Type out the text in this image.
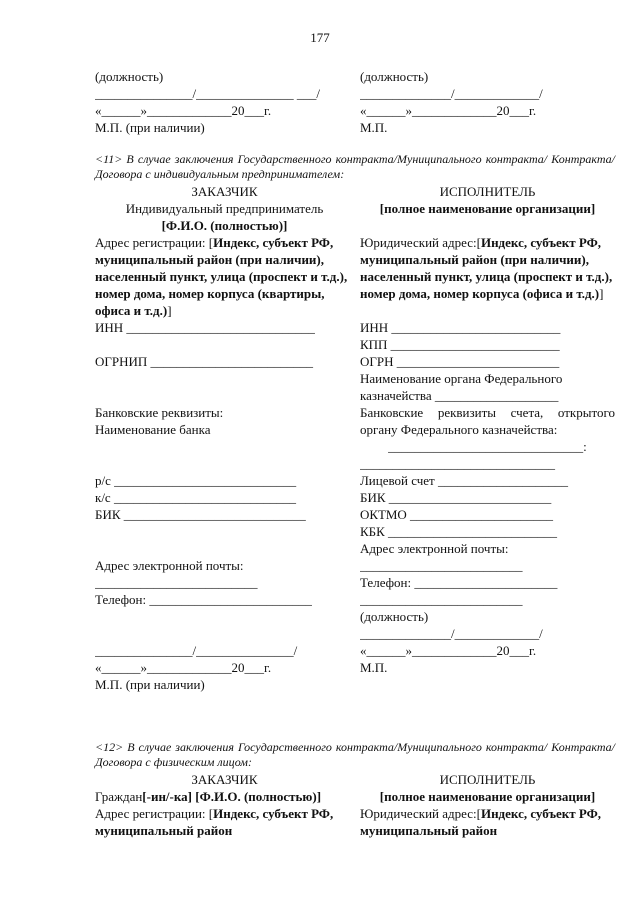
177
(должность)
_______________/_______________ ___/
«______»_____________20___г.
М.П. (при наличии)
(должность)
______________/_____________/
«______»_____________20___г.
М.П.
<11> В случае заключения Государственного контракта/Муниципального контракта/ Контракта/Договора с индивидуальным предпринимателем:
ЗАКАЗЧИК
Индивидуальный предприниматель
[Ф.И.О. (полностью)]
Адрес регистрации: [Индекс, субъект РФ, муниципальный район (при наличии), населенный пункт, улица (проспект и т.д.), номер дома, номер корпуса (квартиры, офиса и т.д.)]
ИНН _____________________________

ОГРНИП _________________________

Банковские реквизиты:
Наименование банка

р/с ____________________________
к/с ____________________________
БИК ____________________________

Адрес электронной почты:
_________________________
Телефон: _________________________

_______________/_______________/
«______»_____________20___г.
М.П. (при наличии)
ИСПОЛНИТЕЛЬ
[полное наименование организации]

Юридический адрес:[Индекс, субъект РФ, муниципальный район (при наличии), населенный пункт, улица (проспект и т.д.), номер дома, номер корпуса (офиса и т.д.)]

ИНН __________________________
КПП __________________________
ОГРН _________________________
Наименование органа Федерального казначейства ___________________
Банковские реквизиты счета, открытого органу Федерального казначейства:
______________________________:
______________________________
Лицевой счет ____________________
БИК _________________________
ОКТМО ______________________
КБК __________________________
Адрес электронной почты:
_________________________
Телефон: ______________________
_________________________
(должность)
______________/_____________/
«______»_____________20___г.
М.П.
<12> В случае заключения Государственного контракта/Муниципального контракта/ Контракта/Договора с физическим лицом:
ЗАКАЗЧИК
Граждан[-ин/-ка] [Ф.И.О. (полностью)]
Адрес регистрации: [Индекс, субъект РФ, муниципальный район
ИСПОЛНИТЕЛЬ
[полное наименование организации]
Юридический адрес:[Индекс, субъект РФ, муниципальный район
